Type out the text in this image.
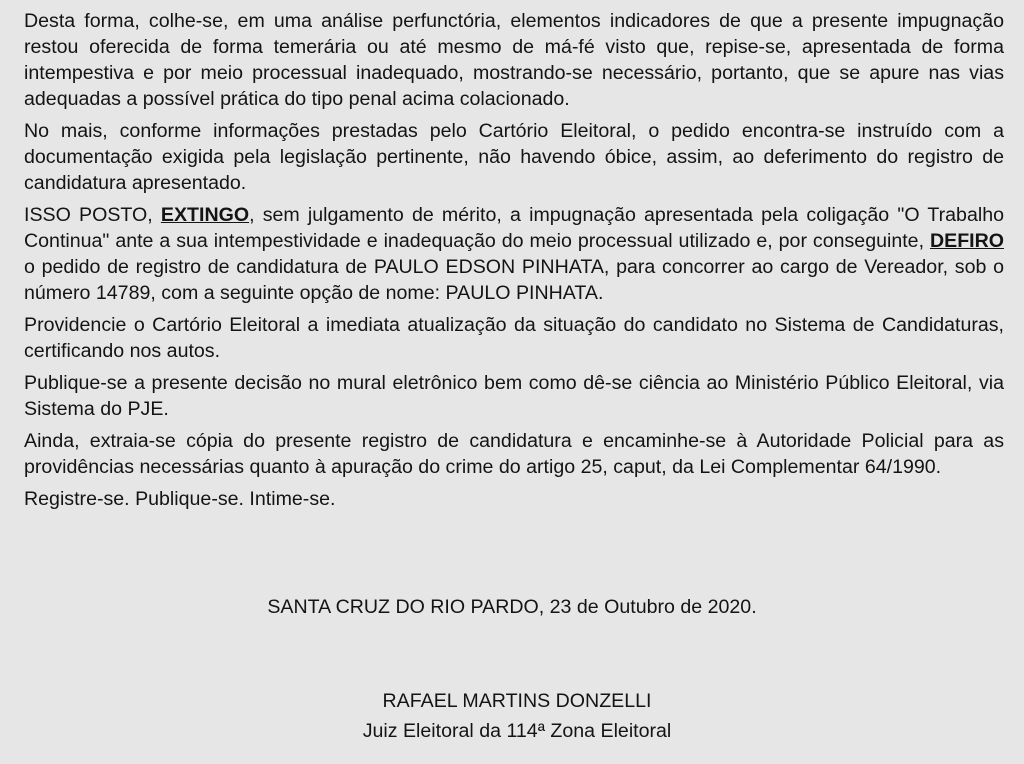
Desta forma, colhe-se, em uma análise perfunctória, elementos indicadores de que a presente impugnação restou oferecida de forma temerária ou até mesmo de má-fé visto que, repise-se, apresentada de forma intempestiva e por meio processual inadequado, mostrando-se necessário, portanto, que se apure nas vias adequadas a possível prática do tipo penal acima colacionado.

No mais, conforme informações prestadas pelo Cartório Eleitoral, o pedido encontra-se instruído com a documentação exigida pela legislação pertinente, não havendo óbice, assim, ao deferimento do registro de candidatura apresentado.

ISSO POSTO, EXTINGO, sem julgamento de mérito, a impugnação apresentada pela coligação "O Trabalho Continua" ante a sua intempestividade e inadequação do meio processual utilizado e, por conseguinte, DEFIRO o pedido de registro de candidatura de PAULO EDSON PINHATA, para concorrer ao cargo de Vereador, sob o número 14789, com a seguinte opção de nome: PAULO PINHATA.

Providencie o Cartório Eleitoral a imediata atualização da situação do candidato no Sistema de Candidaturas, certificando nos autos.

Publique-se a presente decisão no mural eletrônico bem como dê-se ciência ao Ministério Público Eleitoral, via Sistema do PJE.

Ainda, extraia-se cópia do presente registro de candidatura e encaminhe-se à Autoridade Policial para as providências necessárias quanto à apuração do crime do artigo 25, caput, da Lei Complementar 64/1990.

Registre-se. Publique-se. Intime-se.

SANTA CRUZ DO RIO PARDO, 23 de Outubro de 2020.
RAFAEL MARTINS DONZELLI
Juiz Eleitoral da 114ª Zona Eleitoral
